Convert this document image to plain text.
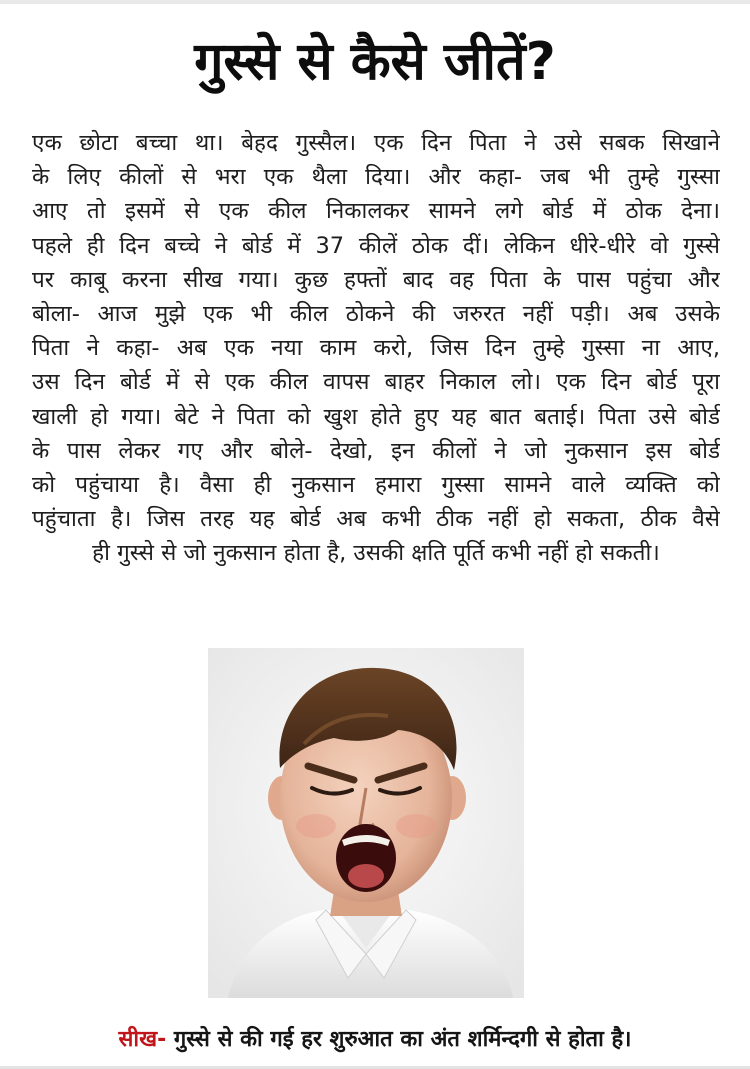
गुस्से से कैसे जीतें?
एक छोटा बच्चा था। बेहद गुस्सैल। एक दिन पिता ने उसे सबक सिखाने
के लिए कीलों से भरा एक थैला दिया। और कहा- जब भी तुम्हे गुस्सा
आए तो इसमें से एक कील निकालकर सामने लगे बोर्ड में ठोक देना।
पहले ही दिन बच्चे ने बोर्ड में 37 कीलें ठोक दीं। लेकिन धीरे-धीरे वो गुस्से
पर काबू करना सीख गया। कुछ हफ्तों बाद वह पिता के पास पहुंचा और
बोला- आज मुझे एक भी कील ठोकने की जरुरत नहीं पड़ी। अब उसके
पिता ने कहा- अब एक नया काम करो, जिस दिन तुम्हे गुस्सा ना आए,
उस दिन बोर्ड में से एक कील वापस बाहर निकाल लो। एक दिन बोर्ड पूरा
खाली हो गया। बेटे ने पिता को खुश होते हुए यह बात बताई। पिता उसे बोर्ड
के पास लेकर गए और बोले- देखो, इन कीलों ने जो नुकसान इस बोर्ड
को पहुंचाया है। वैसा ही नुकसान हमारा गुस्सा सामने वाले व्यक्ति को
पहुंचाता है। जिस तरह यह बोर्ड अब कभी ठीक नहीं हो सकता, ठीक वैसे
ही गुस्से से जो नुकसान होता है, उसकी क्षति पूर्ति कभी नहीं हो सकती।
सीख- गुस्से से की गई हर शुरुआत का अंत शर्मिन्दगी से होता है।
